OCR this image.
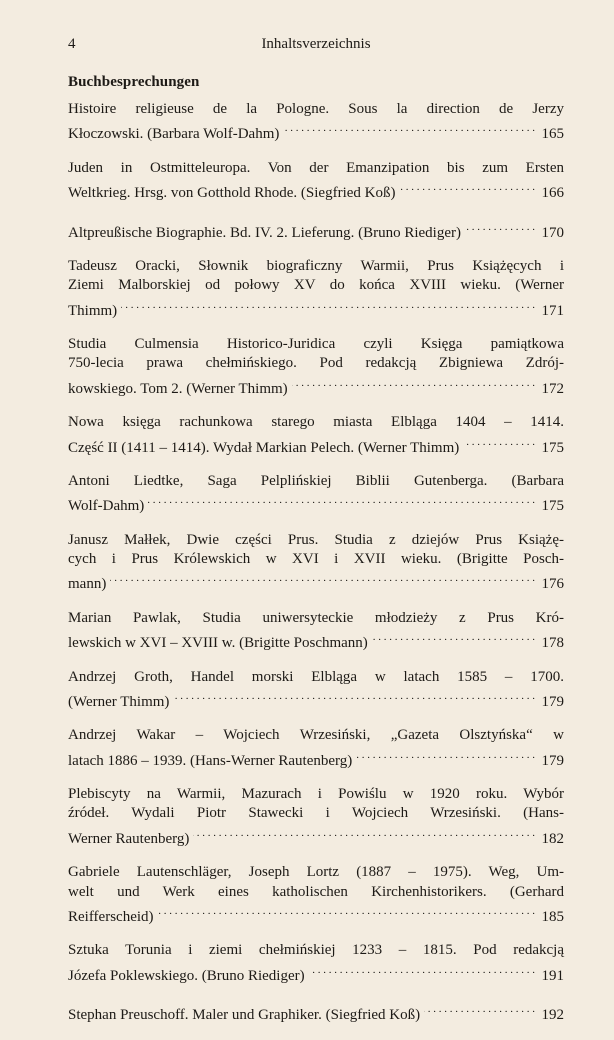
4	Inhaltsverzeichnis
Buchbesprechungen
Histoire religieuse de la Pologne. Sous la direction de Jerzy
Kłoczowski. (Barbara Wolf-Dahm) . . .	165
Juden in Ostmitteleuropa. Von der Emanzipation bis zum Ersten
Weltkrieg. Hrsg. von Gotthold Rhode. (Siegfried Koß) . . .	166
Altpreußische Biographie. Bd. IV. 2. Lieferung. (Bruno Riediger) . . .	170
Tadeusz Oracki, Słownik biograficzny Warmii, Prus Książęcych i
Ziemi Malborskiej od połowy XV do końca XVIII wieku. (Werner
Thimm) . . .	171
Studia Culmensia Historico-Juridica czyli Księga pamiątkowa
750-lecia prawa chełmińskiego. Pod redakcją Zbigniewa Zdrój-
kowskiego. Tom 2. (Werner Thimm) . . .	172
Nowa księga rachunkowa starego miasta Elbląga 1404 – 1414.
Część II (1411 – 1414). Wydał Markian Pelech. (Werner Thimm) . . .	175
Antoni Liedtke, Saga Pelplińskiej Biblii Gutenberga. (Barbara
Wolf-Dahm) . . .	175
Janusz Małłek, Dwie części Prus. Studia z dziejów Prus Książę-
cych i Prus Królewskich w XVI i XVII wieku. (Brigitte Posch-
mann) . . .	176
Marian Pawlak, Studia uniwersyteckie młodzieży z Prus Kró-
lewskich w XVI – XVIII w. (Brigitte Poschmann) . . .	178
Andrzej Groth, Handel morski Elbląga w latach 1585 – 1700.
(Werner Thimm) . . .	179
Andrzej Wakar – Wojciech Wrzesiński, „Gazeta Olsztyńska“ w
latach 1886 – 1939. (Hans-Werner Rautenberg) . . .	179
Plebiscyty na Warmii, Mazurach i Powiślu w 1920 roku. Wybór
źródeł. Wydali Piotr Stawecki i Wojciech Wrzesiński. (Hans-
Werner Rautenberg) . . .	182
Gabriele Lautenschläger, Joseph Lortz (1887 – 1975). Weg, Um-
welt und Werk eines katholischen Kirchenhistorikers. (Gerhard
Reifferscheid) . . .	185
Sztuka Torunia i ziemi chełmińskiej 1233 – 1815. Pod redakcją
Józefa Poklewskiego. (Bruno Riediger) . . .	191
Stephan Preuschoff. Maler und Graphiker. (Siegfried Koß) . . .	192
